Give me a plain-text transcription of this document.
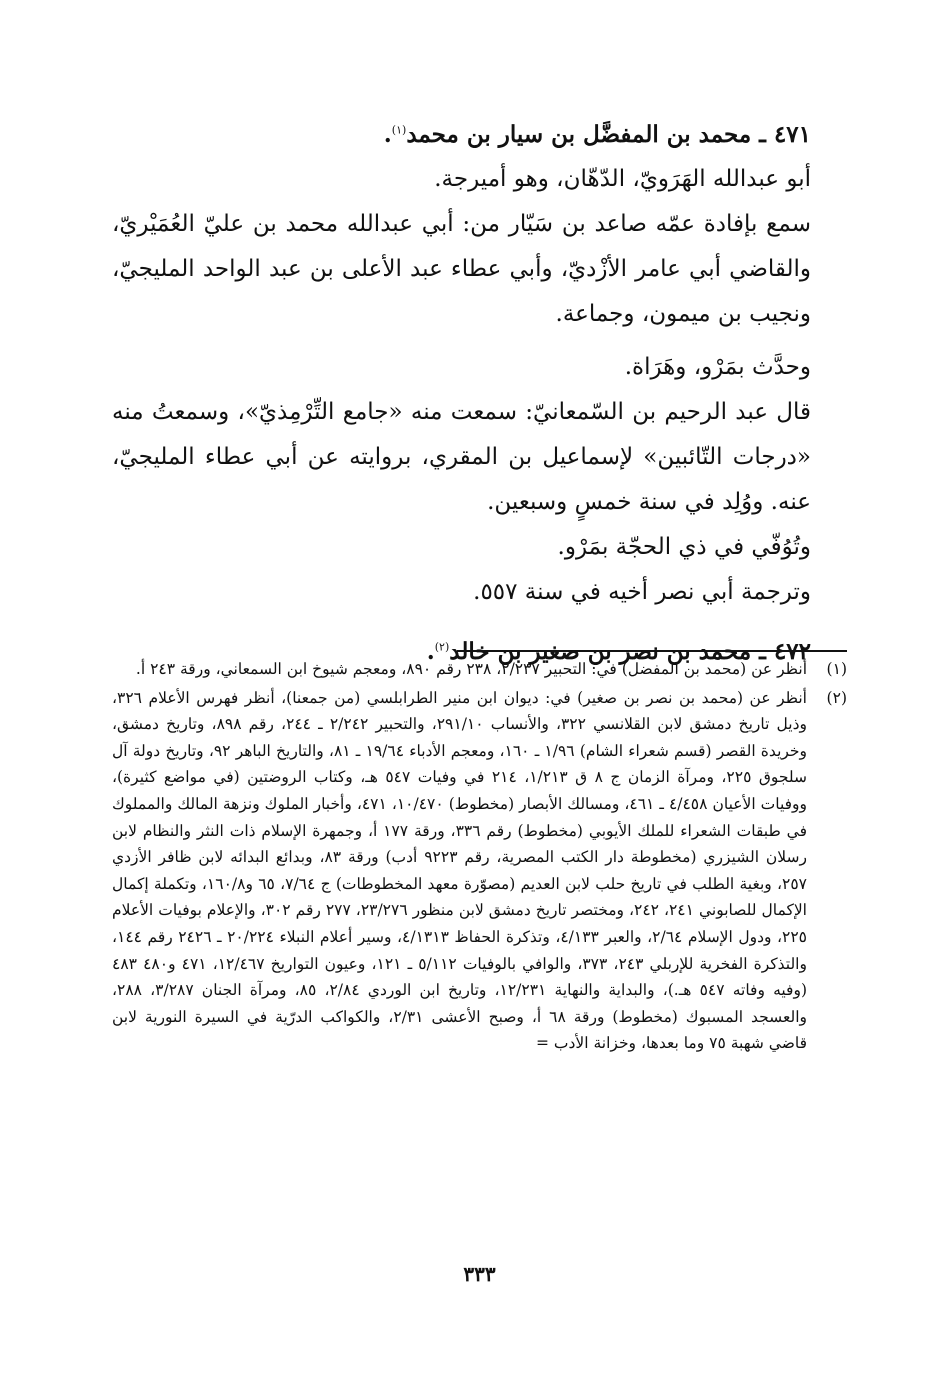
٤٧١ ـ محمد بن المفضَّل بن سيار بن محمد$^{(١)}$.

أبو عبدالله الهَرَويّ، الدّهّان، وهو أميرجة.

سمع بإفادة عمّه صاعد بن سَيّار من: أبي عبدالله محمد بن عليّ العُمَيْريّ، والقاضي أبي عامر الأزْديّ، وأبي عطاء عبد الأعلى بن عبد الواحد المليجيّ، ونجيب بن ميمون، وجماعة.

وحدَّث بمَرْو، وهَرَاة.

قال عبد الرحيم بن السّمعانيّ: سمعت منه «جامع التِّرْمِذيّ»، وسمعتُ منه «درجات التّائبين» لإسماعيل بن المقري، بروايته عن أبي عطاء المليجيّ، عنه. ووُلِد في سنة خمسٍ وسبعين.

وتُوُفّي في ذي الحجّة بمَرْو.

وترجمة أبي نصر أخيه في سنة ٥٥٧.

٤٧٢ ـ محمد بن نصر بن صغير بن خالد$^{(٢)}$.

(١)
أنظر عن (محمد بن المفضل) في: التحبير ٢/٢٣٧، ٢٣٨ رقم ٨٩٠، ومعجم شيوخ ابن السمعاني، ورقة ٢٤٣ أ.
(٢)
أنظر عن (محمد بن نصر بن صغير) في: ديوان ابن منير الطرابلسي (من جمعنا)، أنظر فهرس الأعلام ٣٢٦، وذيل تاريخ دمشق لابن القلانسي ٣٢٢، والأنساب ٢٩١/١٠، والتحبير ٢/٢٤٢ ـ ٢٤٤، رقم ٨٩٨، وتاريخ دمشق، وخريدة القصر (قسم شعراء الشام) ١/٩٦ ـ ١٦٠، ومعجم الأدباء ١٩/٦٤ ـ ٨١، والتاريخ الباهر ٩٢، وتاريخ دولة آل سلجوق ٢٢٥، ومرآة الزمان ج ٨ ق ١/٢١٣، ٢١٤ في وفيات ٥٤٧ هـ، وكتاب الروضتين (في مواضع كثيرة)، ووفيات الأعيان ٤/٤٥٨ ـ ٤٦١، ومسالك الأبصار (مخطوط) ١٠/٤٧٠، ٤٧١، وأخبار الملوك ونزهة المالك والمملوك في طبقات الشعراء للملك الأيوبي (مخطوط) رقم ٣٣٦، ورقة ١٧٧ أ، وجمهرة الإسلام ذات النثر والنظام لابن رسلان الشيزري (مخطوطة دار الكتب المصرية، رقم ٩٢٢٣ أدب) ورقة ٨٣، وبدائع البدائه لابن ظافر الأزدي ٢٥٧، وبغية الطلب في تاريخ حلب لابن العديم (مصوّرة معهد المخطوطات) ج ٧/٦٤، ٦٥ و١٦٠/٨، وتكملة إكمال الإكمال للصابوني ٢٤١، ٢٤٢، ومختصر تاريخ دمشق لابن منظور ٢٣/٢٧٦، ٢٧٧ رقم ٣٠٢، والإعلام بوفيات الأعلام ٢٢٥، ودول الإسلام ٢/٦٤، والعبر ٤/١٣٣، وتذكرة الحفاظ ٤/١٣١٣، وسير أعلام النبلاء ٢٠/٢٢٤ ـ ٢٤٢٦ رقم ١٤٤، والتذكرة الفخرية للإربلي ٢٤٣، ٣٧٣، والوافي بالوفيات ٥/١١٢ ـ ١٢١، وعيون التواريخ ١٢/٤٦٧، ٤٧١ و٤٨٠ ٤٨٣ (وفيه وفاته ٥٤٧ هـ.)، والبداية والنهاية ١٢/٢٣١، وتاريخ ابن الوردي ٢/٨٤، ٨٥، ومرآة الجنان ٣/٢٨٧، ٢٨٨، والعسجد المسبوك (مخطوط) ورقة ٦٨ أ، وصبح الأعشى ٢/٣١، والكواكب الدرّية في السيرة النورية لابن قاضي شهبة ٧٥ وما بعدها، وخزانة الأدب =
٣٣٣
